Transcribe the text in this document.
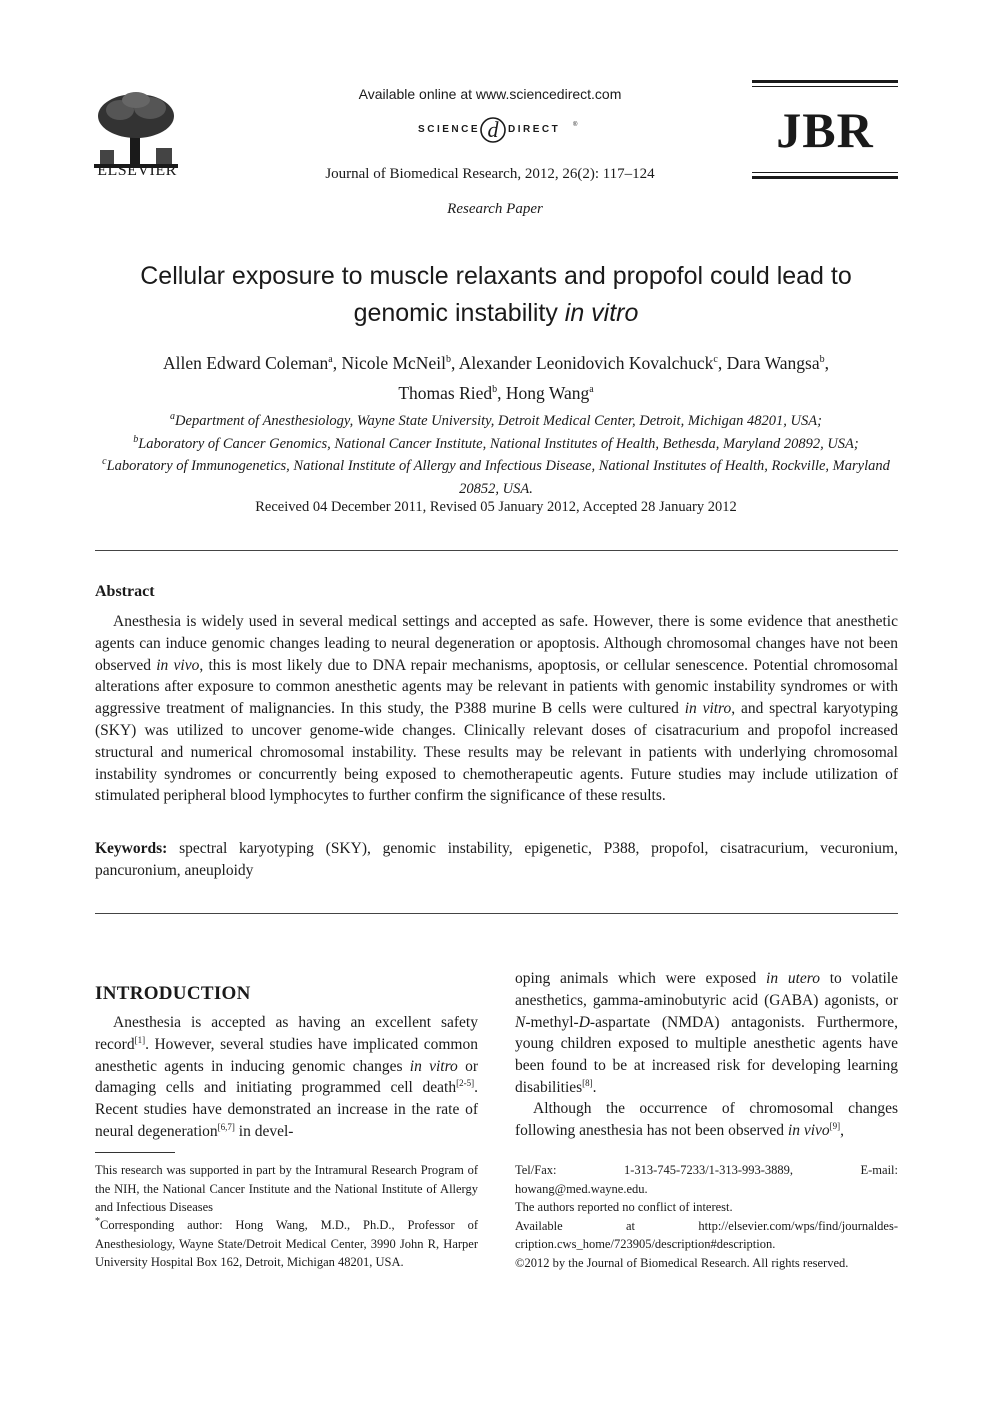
ELSEVIER
Available online at www.sciencedirect.com
SCIENCE d DIRECT ®
Journal of Biomedical Research, 2012, 26(2): 117–124
Research Paper
JBR
Cellular exposure to muscle relaxants and propofol could lead to genomic instability in vitro
Allen Edward Coleman$^a$, Nicole McNeil$^b$, Alexander Leonidovich Kovalchuck$^c$, Dara Wangsa$^b$,
Thomas Ried$^b$, Hong Wang$^a$
$^a$Department of Anesthesiology, Wayne State University, Detroit Medical Center, Detroit, Michigan 48201, USA;
$^b$Laboratory of Cancer Genomics, National Cancer Institute, National Institutes of Health, Bethesda, Maryland 20892, USA;
$^c$Laboratory of Immunogenetics, National Institute of Allergy and Infectious Disease, National Institutes of Health, Rockville, Maryland 20852, USA.
Received 04 December 2011, Revised 05 January 2012, Accepted 28 January 2012
Abstract
Anesthesia is widely used in several medical settings and accepted as safe. However, there is some evidence that anesthetic agents can induce genomic changes leading to neural degeneration or apoptosis. Although chromosomal changes have not been observed in vivo, this is most likely due to DNA repair mechanisms, apoptosis, or cellular senescence. Potential chromosomal alterations after exposure to common anesthetic agents may be relevant in patients with genomic instability syndromes or with aggressive treatment of malignancies. In this study, the P388 murine B cells were cultured in vitro, and spectral karyotyping (SKY) was utilized to uncover genome-wide changes. Clinically relevant doses of cisatracurium and propofol increased structural and numerical chromosomal instability. These results may be relevant in patients with underlying chromosomal instability syndromes or concurrently being exposed to chemotherapeutic agents. Future studies may include utilization of stimulated peripheral blood lymphocytes to further confirm the significance of these results.
Keywords: spectral karyotyping (SKY), genomic instability, epigenetic, P388, propofol, cisatracurium, vecuronium, pancuronium, aneuploidy
INTRODUCTION
Anesthesia is accepted as having an excellent safety record[1]. However, several studies have implicated common anesthetic agents in inducing genomic changes in vitro or damaging cells and initiating programmed cell death[2-5]. Recent studies have demonstrated an increase in the rate of neural degeneration[6,7] in devel-
oping animals which were exposed in utero to volatile anesthetics, gamma-aminobutyric acid (GABA) agonists, or N-methyl-D-aspartate (NMDA) antagonists. Furthermore, young children exposed to multiple anesthetic agents have been found to be at increased risk for developing learning disabilities[8].
Although the occurrence of chromosomal changes following anesthesia has not been observed in vivo[9],
This research was supported in part by the Intramural Research Program of the NIH, the National Cancer Institute and the National Institute of Allergy and Infectious Diseases
*Corresponding author: Hong Wang, M.D., Ph.D., Professor of Anesthesiology, Wayne State/Detroit Medical Center, 3990 John R, Harper University Hospital Box 162, Detroit, Michigan 48201, USA.
Tel/Fax: 1-313-745-7233/1-313-993-3889, E-mail: howang@med.wayne.edu.
The authors reported no conflict of interest.
Available at http://elsevier.com/wps/find/journaldes-cription.cws_home/723905/description#description.
©2012 by the Journal of Biomedical Research. All rights reserved.
